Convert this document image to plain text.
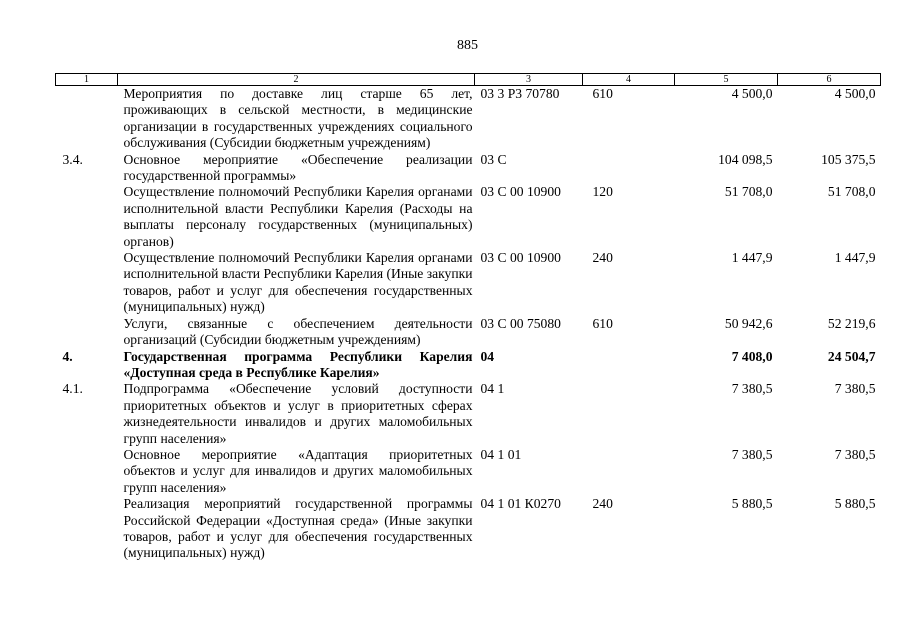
885
1	2	3	4	5	6
	Мероприятия по доставке лиц старше 65 лет, проживающих в сельской местности, в медицинские организации в государственных учреждениях социального обслуживания (Субсидии бюджетным учреждениям)	03 3 Р3 70780	610	4 500,0	4 500,0
3.4.	Основное мероприятие «Обеспечение реализации государственной программы»	03 С		104 098,5	105 375,5
	Осуществление полномочий Республики Карелия органами исполнительной власти Республики Карелия (Расходы на выплаты персоналу государственных (муниципальных) органов)	03 С 00 10900	120	51 708,0	51 708,0
	Осуществление полномочий Республики Карелия органами исполнительной власти Республики Карелия (Иные закупки товаров, работ и услуг для обеспечения государственных (муниципальных) нужд)	03 С 00 10900	240	1 447,9	1 447,9
	Услуги, связанные с обеспечением деятельности организаций (Субсидии бюджетным учреждениям)	03 С 00 75080	610	50 942,6	52 219,6
4.	Государственная программа Республики Карелия «Доступная среда в Республике Карелия»	04		7 408,0	24 504,7
4.1.	Подпрограмма «Обеспечение условий доступности приоритетных объектов и услуг в приоритетных сферах жизнедеятельности инвалидов и других маломобильных групп населения»	04 1		7 380,5	7 380,5
	Основное мероприятие «Адаптация приоритетных объектов и услуг для инвалидов и других маломобильных групп населения»	04 1 01		7 380,5	7 380,5
	Реализация мероприятий государственной программы Российской Федерации «Доступная среда» (Иные закупки товаров, работ и услуг для обеспечения государственных (муниципальных) нужд)	04 1 01 К0270	240	5 880,5	5 880,5
